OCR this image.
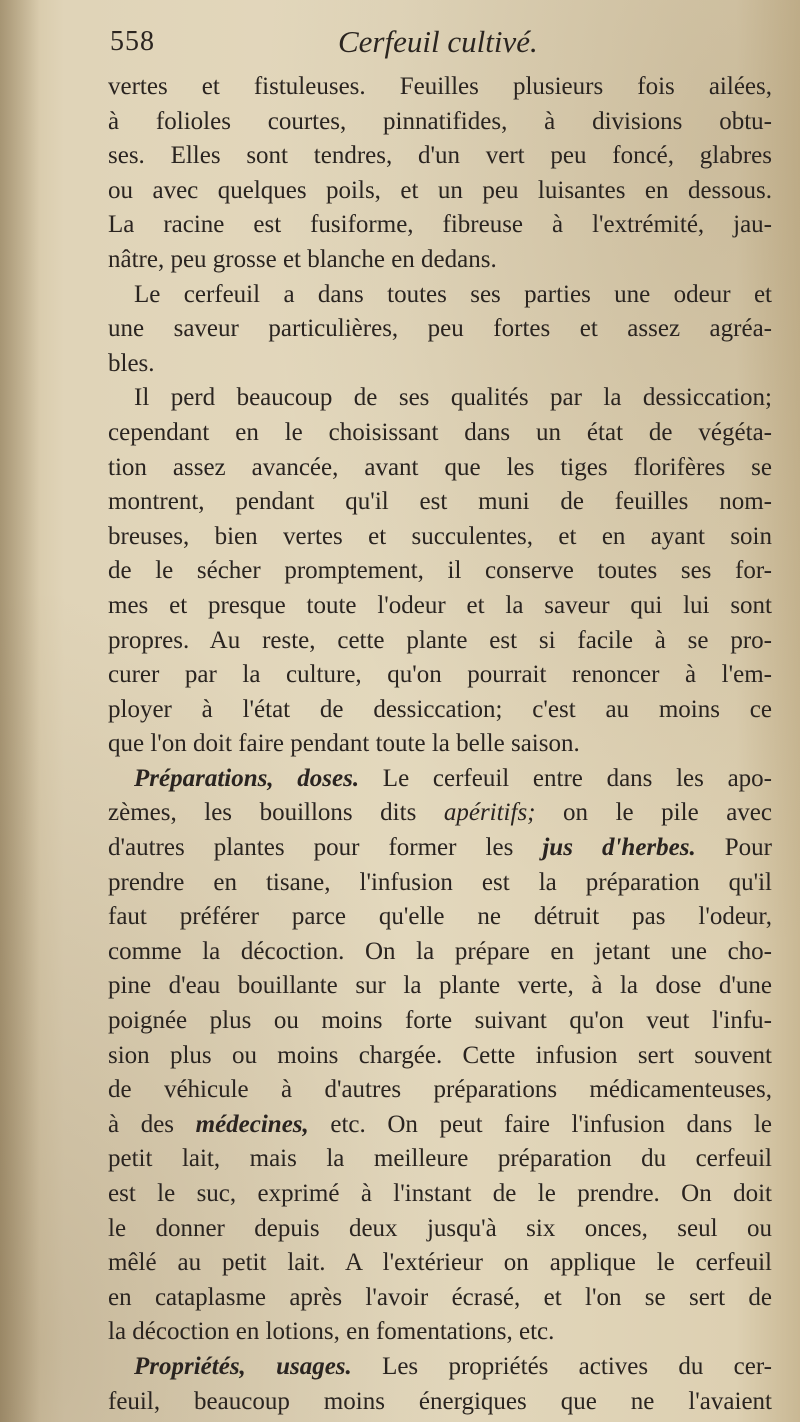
558	Cerfeuil cultivé.
vertes et fistuleuses. Feuilles plusieurs fois ailées,
à folioles courtes, pinnatifides, à divisions obtu-
ses. Elles sont tendres, d'un vert peu foncé, glabres
ou avec quelques poils, et un peu luisantes en dessous.
La racine est fusiforme, fibreuse à l'extrémité, jau-
nâtre, peu grosse et blanche en dedans.
Le cerfeuil a dans toutes ses parties une odeur et
une saveur particulières, peu fortes et assez agréa-
bles.
Il perd beaucoup de ses qualités par la dessiccation;
cependant en le choisissant dans un état de végéta-
tion assez avancée, avant que les tiges florifères se
montrent, pendant qu'il est muni de feuilles nom-
breuses, bien vertes et succulentes, et en ayant soin
de le sécher promptement, il conserve toutes ses for-
mes et presque toute l'odeur et la saveur qui lui sont
propres. Au reste, cette plante est si facile à se pro-
curer par la culture, qu'on pourrait renoncer à l'em-
ployer à l'état de dessiccation; c'est au moins ce
que l'on doit faire pendant toute la belle saison.
Préparations, doses. Le cerfeuil entre dans les apo-
zèmes, les bouillons dits apéritifs; on le pile avec
d'autres plantes pour former les jus d'herbes. Pour
prendre en tisane, l'infusion est la préparation qu'il
faut préférer parce qu'elle ne détruit pas l'odeur,
comme la décoction. On la prépare en jetant une cho-
pine d'eau bouillante sur la plante verte, à la dose d'une
poignée plus ou moins forte suivant qu'on veut l'infu-
sion plus ou moins chargée. Cette infusion sert souvent
de véhicule à d'autres préparations médicamenteuses,
à des médecines, etc. On peut faire l'infusion dans le
petit lait, mais la meilleure préparation du cerfeuil
est le suc, exprimé à l'instant de le prendre. On doit
le donner depuis deux jusqu'à six onces, seul ou
mêlé au petit lait. A l'extérieur on applique le cerfeuil
en cataplasme après l'avoir écrasé, et l'on se sert de
la décoction en lotions, en fomentations, etc.
Propriétés, usages. Les propriétés actives du cer-
feuil, beaucoup moins énergiques que ne l'avaient
